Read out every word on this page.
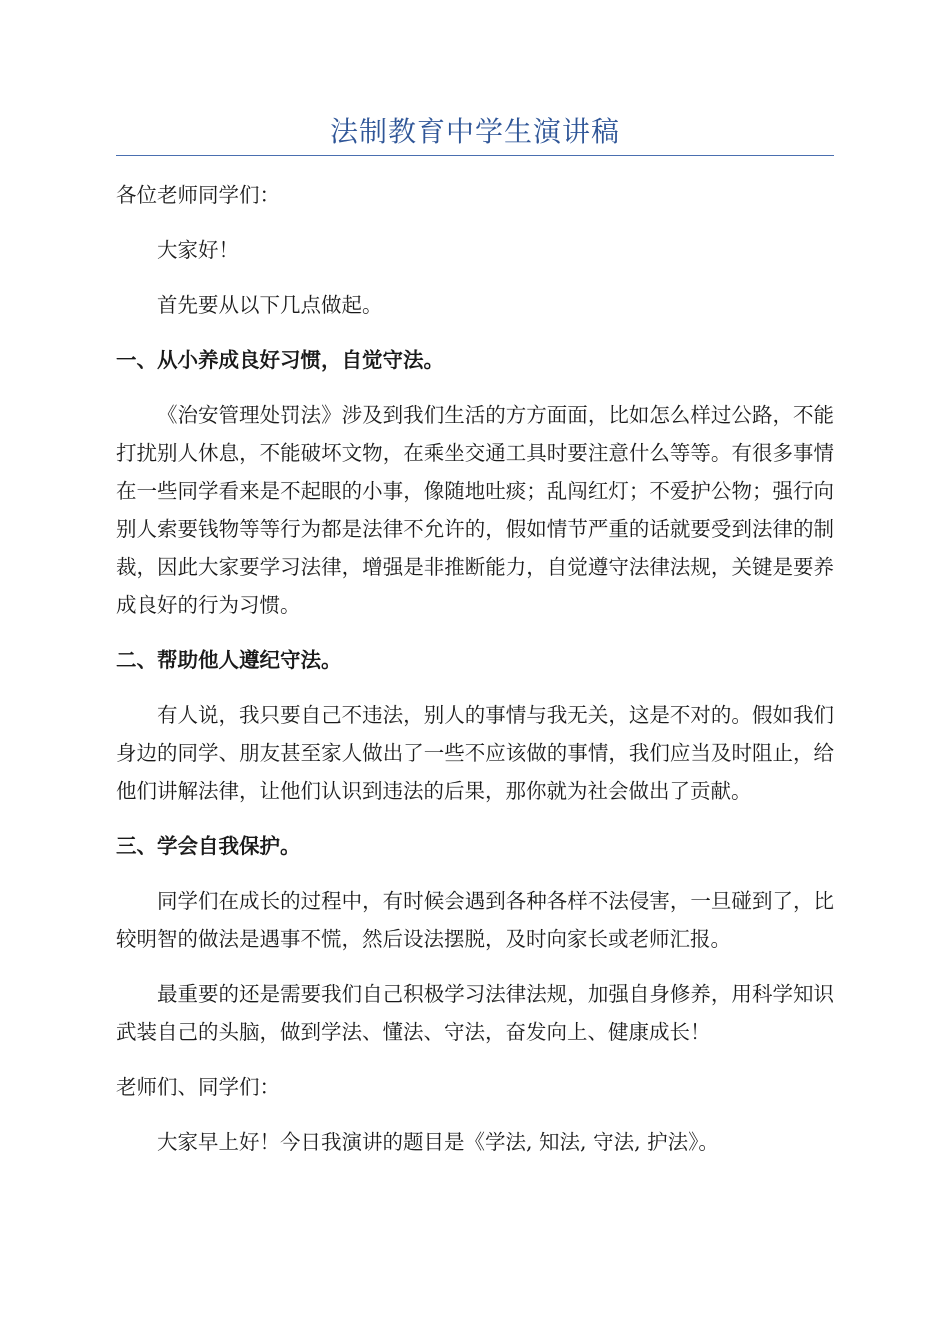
法制教育中学生演讲稿

各位老师同学们：

大家好！

首先要从以下几点做起。

一、从小养成良好习惯，自觉守法。

《治安管理处罚法》涉及到我们生活的方方面面，比如怎么样过公路，不能打扰别人休息，不能破坏文物，在乘坐交通工具时要注意什么等等。有很多事情在一些同学看来是不起眼的小事，像随地吐痰；乱闯红灯；不爱护公物；强行向别人索要钱物等等行为都是法律不允许的，假如情节严重的话就要受到法律的制裁，因此大家要学习法律，增强是非推断能力，自觉遵守法律法规，关键是要养成良好的行为习惯。

二、帮助他人遵纪守法。

有人说，我只要自己不违法，别人的事情与我无关，这是不对的。假如我们身边的同学、朋友甚至家人做出了一些不应该做的事情，我们应当及时阻止，给他们讲解法律，让他们认识到违法的后果，那你就为社会做出了贡献。

三、学会自我保护。

同学们在成长的过程中，有时候会遇到各种各样不法侵害，一旦碰到了，比较明智的做法是遇事不慌，然后设法摆脱，及时向家长或老师汇报。

最重要的还是需要我们自己积极学习法律法规，加强自身修养，用科学知识武装自己的头脑，做到学法、懂法、守法，奋发向上、健康成长！

老师们、同学们：

大家早上好！今日我演讲的题目是《学法, 知法, 守法, 护法》。
